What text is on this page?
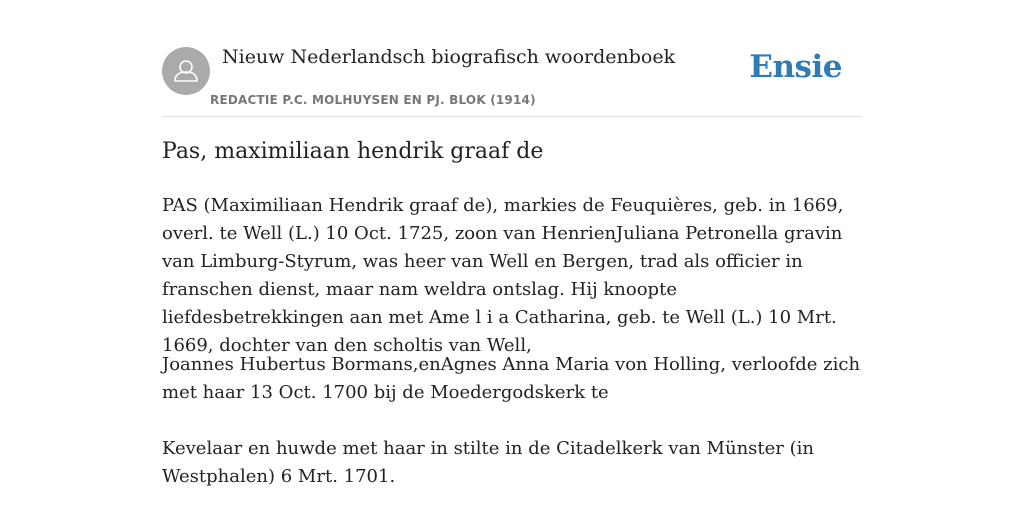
Nieuw Nederlandsch biografisch woordenboek
REDACTIE P.C. MOLHUYSEN EN PJ. BLOK (1914)
Ensie
Pas, maximiliaan hendrik graaf de

PAS (Maximiliaan Hendrik graaf de), markies de Feuquières, geb. in 1669, overl. te Well (L.) 10 Oct. 1725, zoon van HenrienJuliana Petronella gravin van Limburg-Styrum, was heer van Well en Bergen, trad als officier in franschen dienst, maar nam weldra ontslag. Hij knoopte liefdesbetrekkingen aan met Ame l i a Catharina, geb. te Well (L.) 10 Mrt. 1669, dochter van den scholtis van Well,

Joannes Hubertus Bormans,enAgnes Anna Maria von Holling, verloofde zich met haar 13 Oct. 1700 bij de Moedergodskerk te

Kevelaar en huwde met haar in stilte in de Citadelkerk van Münster (in Westphalen) 6 Mrt. 1701.
